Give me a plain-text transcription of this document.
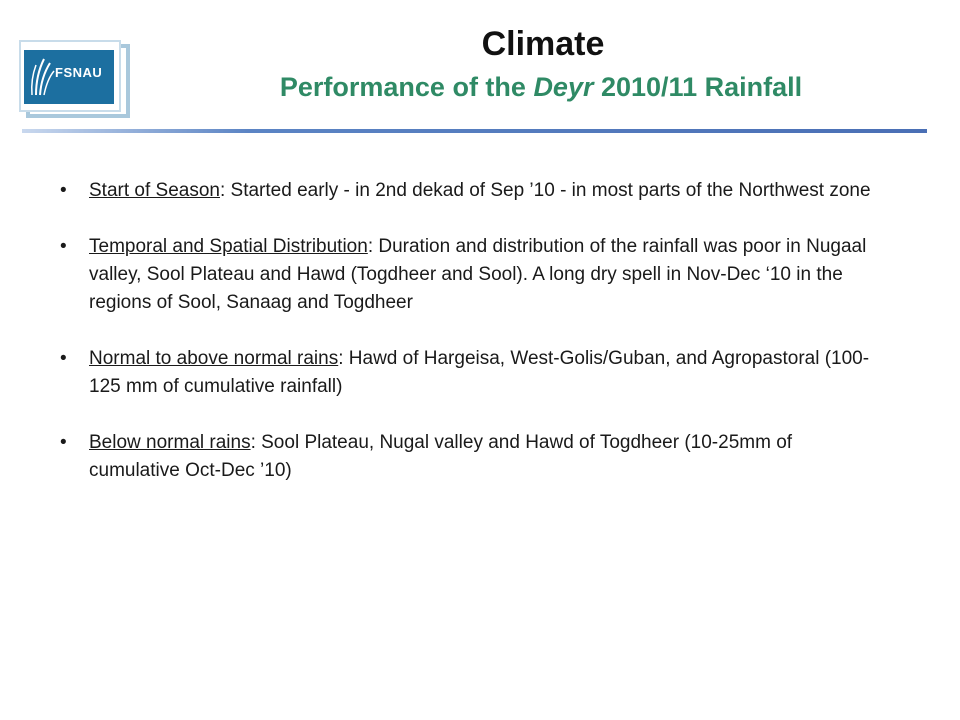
FSNAU
Climate
Performance of the Deyr 2010/11 Rainfall
• Start of Season: Started early - in 2nd dekad of Sep ’10 - in most parts of the Northwest zone
• Temporal and Spatial Distribution: Duration and distribution of the rainfall was poor in Nugaal valley, Sool Plateau and Hawd (Togdheer and Sool). A long dry spell in Nov-Dec ‘10 in the regions of Sool, Sanaag and Togdheer
• Normal to above normal rains: Hawd of Hargeisa, West-Golis/Guban, and Agropastoral (100-125 mm of cumulative rainfall)
• Below normal rains: Sool Plateau, Nugal valley and Hawd of Togdheer (10-25mm of cumulative Oct-Dec ’10)
